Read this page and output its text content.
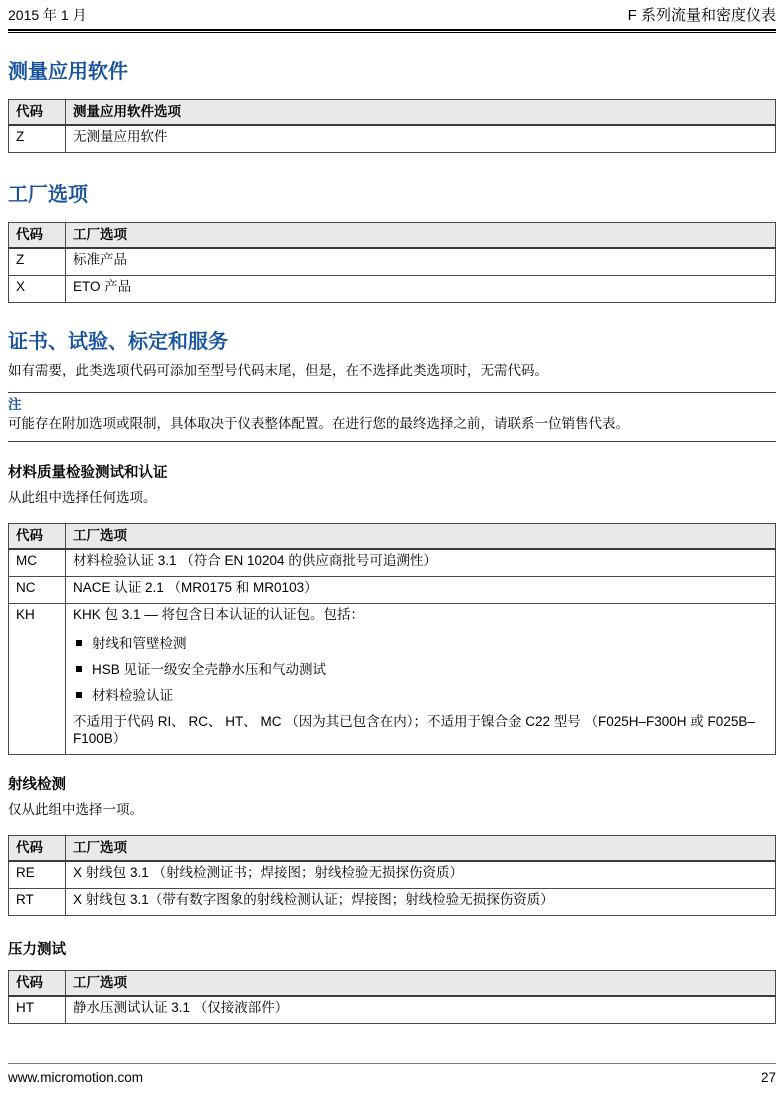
2015 年 1 月	F 系列流量和密度仪表
测量应用软件
代码	测量应用软件选项
Z	无测量应用软件
工厂选项
代码	工厂选项
Z	标准产品
X	ETO 产品
证书、试验、标定和服务

如有需要，此类选项代码可添加至型号代码末尾，但是，在不选择此类选项时，无需代码。

注
可能存在附加选项或限制，具体取决于仪表整体配置。在进行您的最终选择之前，请联系一位销售代表。
材料质量检验测试和认证

从此组中选择任何选项。

代码	工厂选项
MC	材料检验认证 3.1 （符合 EN 10204 的供应商批号可追溯性）
NC	NACE 认证 2.1 （MR0175 和 MR0103）
KH	KHK 包 3.1 — 将包含日本认证的认证包。包括：
射线和管壁检测
HSB 见证一级安全壳静水压和气动测试
材料检验认证
不适用于代码 RI、 RC、 HT、 MC （因为其已包含在内）；不适用于镍合金 C22 型号 （F025H–F300H 或 F025B–F100B）
射线检测

仅从此组中选择一项。

代码	工厂选项
RE	X 射线包 3.1 （射线检测证书；焊接图；射线检验无损探伤资质）
RT	X 射线包 3.1（带有数字图象的射线检测认证；焊接图；射线检验无损探伤资质）
压力测试
代码	工厂选项
HT	静水压测试认证 3.1 （仅接液部件）
www.micromotion.com	27
